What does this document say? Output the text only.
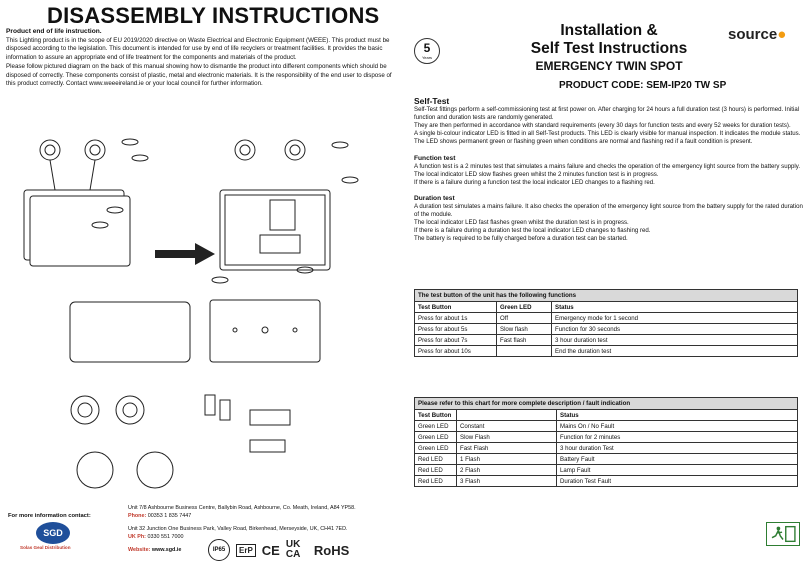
DISASSEMBLY INSTRUCTIONS
Product end of life instruction.
This Lighting product is in the scope of EU 2019/2020 directive on Waste Electrical and Electronic Equipment (WEEE). This product must be disposed according to the legislation. This document is intended for use by end of life recyclers or treatment facilities. It provides the basic information to assure an appropriate end of life treatment for the components and materials of the product.
Please follow pictured diagram on the back of this manual showing how to dismantle the product into different components which should be disposed of correctly. These components consist of plastic, metal and electronic materials. It is the responsibility of the end user to dispose of this product correctly. Contact www.weeeireland.ie or your local council for further information.
For more information contact:
SGD
Solas Geal Distribution
Unit 7/8 Ashbourne Business Centre, Ballybin Road, Ashbourne, Co. Meath, Ireland, A84 YP58.
Phone: 00353 1 835 7447
Unit 32 Junction One Business Park, Valley Road, Birkenhead, Merseyside, UK, CH41 7ED.
UK Ph: 0330 551 7000
Website: www.sgd.ie	IP65	ErP CE UK CA	RoHS
5
Years
Installation &
Self Test Instructions
EMERGENCY TWIN SPOT
PRODUCT CODE: SEM-IP20 TW SP
source●
Self-Test
Self-Test fittings perform a self-commissioning test at first power on. After charging for 24 hours a full duration test (3 hours) is performed. Initial function and duration tests are randomly generated.
They are then performed in accordance with standard requirements (every 30 days for function tests and every 52 weeks for duration tests).
A single bi-colour indicator LED is fitted in all Self-Test products. This LED is clearly visible for manual inspection. It indicates the module status.
The LED shows permanent green or flashing green when conditions are normal and flashing red if a fault condition is present.
Function test
A function test is a 2 minutes test that simulates a mains failure and checks the operation of the emergency light source from the battery supply.
The local indicator LED slow flashes green whilst the 2 minutes function test is in progress.
If there is a failure during a function test the local indicator LED changes to a flashing red.
Duration test
A duration test simulates a mains failure. It also checks the operation of the emergency light source from the battery supply for the rated duration of the module.
The local indicator LED fast flashes green whilst the duration test is in progress.
If there is a failure during a duration test the local indicator LED changes to flashing red.
The battery is required to be fully charged before a duration test can be started.
The test button of the unit has the following functions
Test Button	Green LED	Status
Press for about 1s	Off	Emergency mode for 1 second
Press for about 5s	Slow flash	Function for 30 seconds
Press for about 7s	Fast flash	3 hour duration test
Press for about 10s		End the duration test
Please refer to this chart for more complete description / fault indication
Test Button		Status
Green LED	Constant	Mains On / No Fault
Green LED	Slow Flash	Function for 2 minutes
Green LED	Fast Flash	3 hour duration Test
Red LED	1 Flash	Battery Fault
Red LED	2 Flash	Lamp Fault
Red LED	3 Flash	Duration Test Fault
